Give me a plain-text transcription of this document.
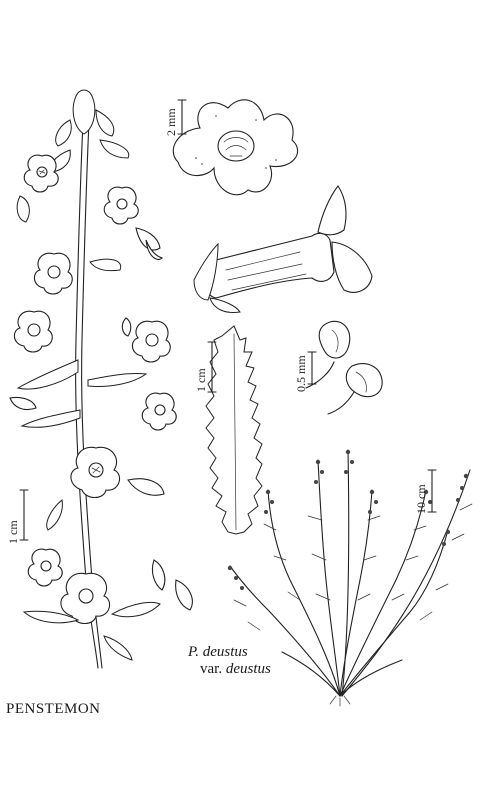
2 mm
1 cm	0.5 mm
1 cm
10 cm
P. deustus
var. deustus
PENSTEMON
